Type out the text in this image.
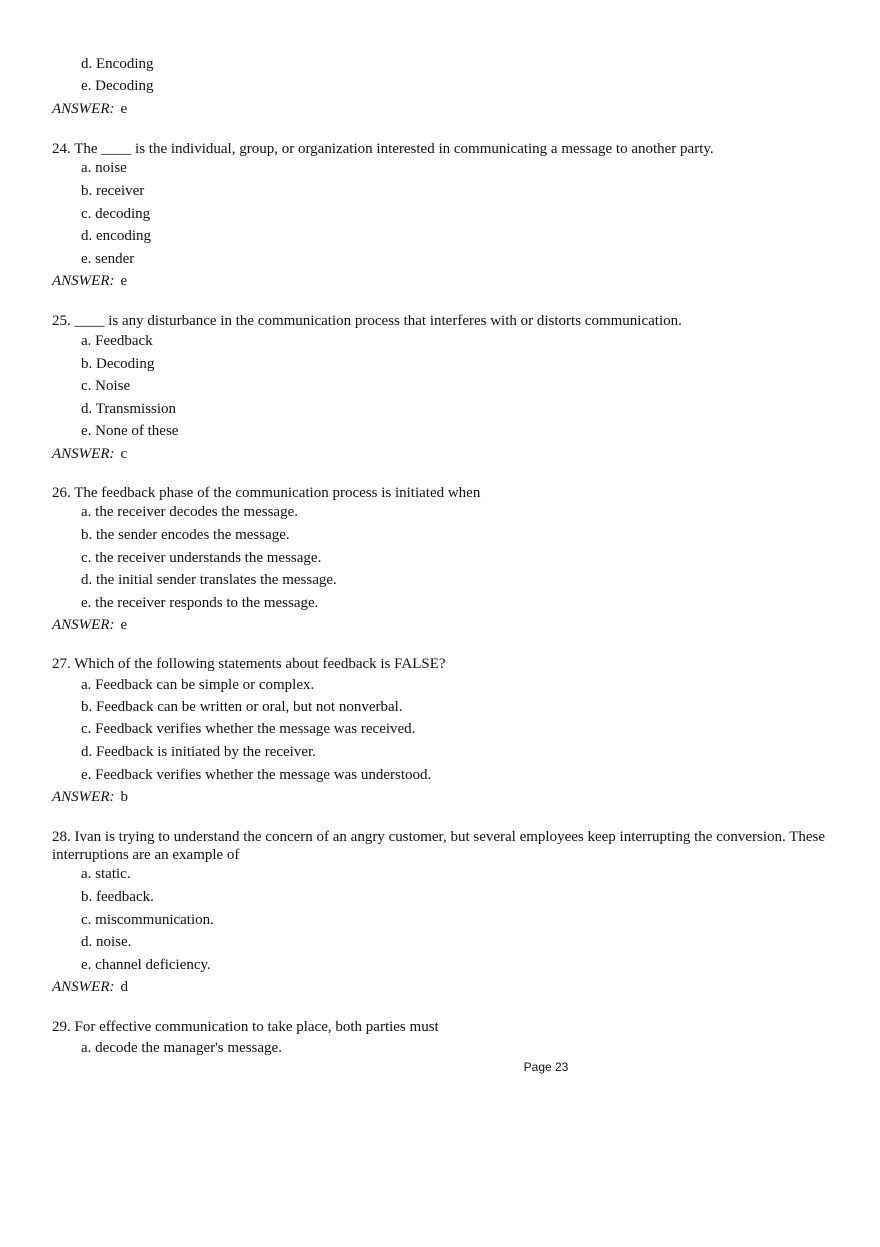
d. Encoding
e. Decoding
ANSWER: e
24. The ____ is the individual, group, or organization interested in communicating a message to another party.
a. noise
b. receiver
c. decoding
d. encoding
e. sender
ANSWER: e
25. ____ is any disturbance in the communication process that interferes with or distorts communication.
a. Feedback
b. Decoding
c. Noise
d. Transmission
e. None of these
ANSWER: c
26. The feedback phase of the communication process is initiated when
a. the receiver decodes the message.
b. the sender encodes the message.
c. the receiver understands the message.
d. the initial sender translates the message.
e. the receiver responds to the message.
ANSWER: e
27. Which of the following statements about feedback is FALSE?
a. Feedback can be simple or complex.
b. Feedback can be written or oral, but not nonverbal.
c. Feedback verifies whether the message was received.
d. Feedback is initiated by the receiver.
e. Feedback verifies whether the message was understood.
ANSWER: b
28. Ivan is trying to understand the concern of an angry customer, but several employees keep interrupting the conversion. These interruptions are an example of
a. static.
b. feedback.
c. miscommunication.
d. noise.
e. channel deficiency.
ANSWER: d
29. For effective communication to take place, both parties must
a. decode the manager's message.
Page 23
